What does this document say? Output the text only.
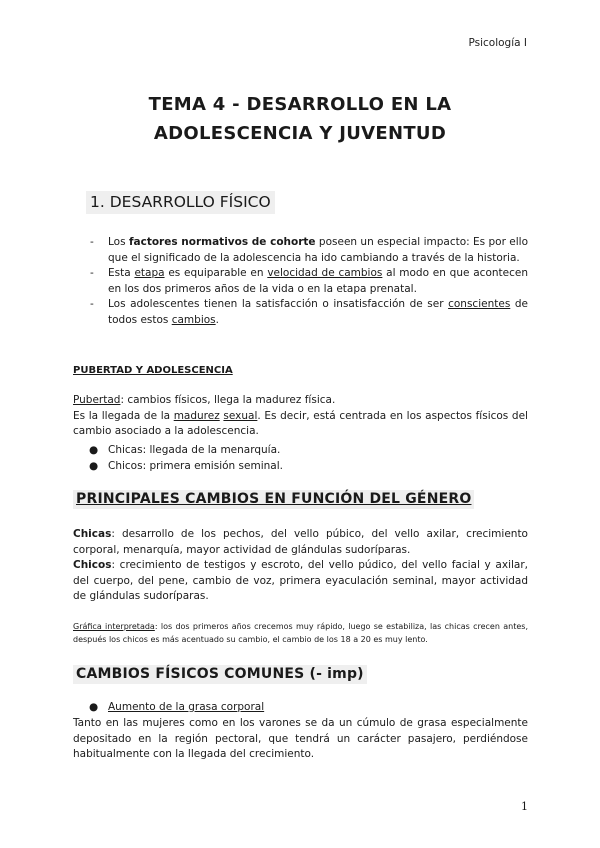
Psicología I
TEMA 4 - DESARROLLO EN LA
ADOLESCENCIA Y JUVENTUD
1. DESARROLLO FÍSICO
- Los factores normativos de cohorte poseen un especial impacto: Es por ello que el significado de la adolescencia ha ido cambiando a través de la historia.
- Esta etapa es equiparable en velocidad de cambios al modo en que acontecen en los dos primeros años de la vida o en la etapa prenatal.
- Los adolescentes tienen la satisfacción o insatisfacción de ser conscientes de todos estos cambios.
PUBERTAD Y ADOLESCENCIA
Pubertad: cambios físicos, llega la madurez física.
Es la llegada de la madurez sexual. Es decir, está centrada en los aspectos físicos del cambio asociado a la adolescencia.
● Chicas: llegada de la menarquía.
● Chicos: primera emisión seminal.
PRINCIPALES CAMBIOS EN FUNCIÓN DEL GÉNERO
Chicas: desarrollo de los pechos, del vello púbico, del vello axilar, crecimiento corporal, menarquía, mayor actividad de glándulas sudoríparas.
Chicos: crecimiento de testigos y escroto, del vello púdico, del vello facial y axilar, del cuerpo, del pene, cambio de voz, primera eyaculación seminal, mayor actividad de glándulas sudoríparas.
Gráfica interpretada: los dos primeros años crecemos muy rápido, luego se estabiliza, las chicas crecen antes, después los chicos es más acentuado su cambio, el cambio de los 18 a 20 es muy lento.
CAMBIOS FÍSICOS COMUNES (- imp)
● Aumento de la grasa corporal
Tanto en las mujeres como en los varones se da un cúmulo de grasa especialmente depositado en la región pectoral, que tendrá un carácter pasajero, perdiéndose habitualmente con la llegada del crecimiento.
1
